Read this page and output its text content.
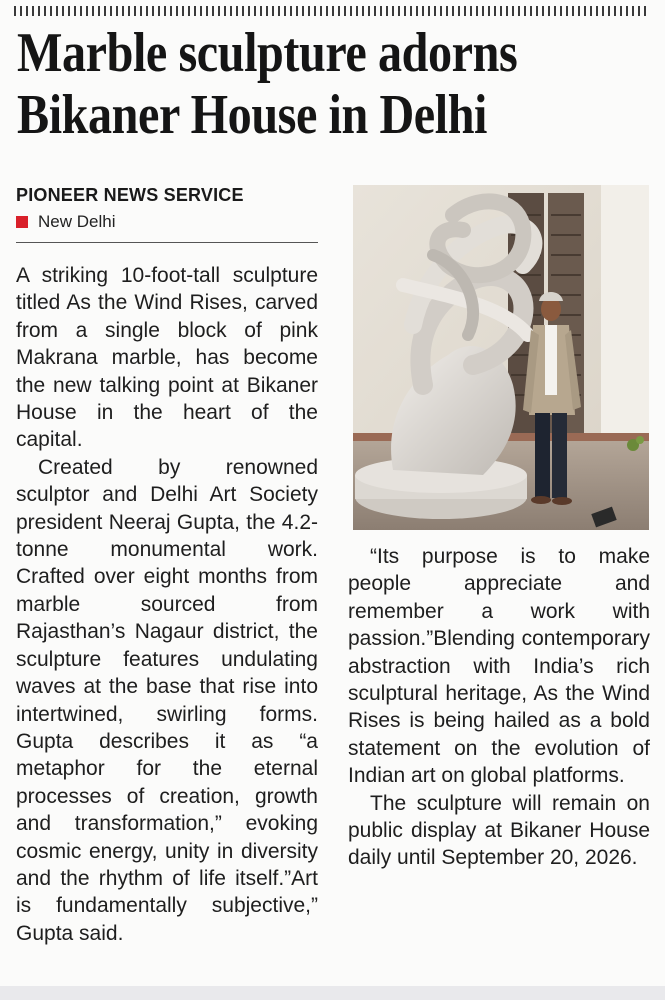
Marble sculpture adorns
Bikaner House in Delhi
PIONEER NEWS SERVICE
New Delhi

A striking 10-foot-tall sculpture titled As the Wind Rises, carved from a single block of pink Makrana marble, has become the new talking point at Bikaner House in the heart of the capital.

Created by renowned sculptor and Delhi Art Society president Neeraj Gupta, the 4.2-tonne monumental work. Crafted over eight months from marble sourced from Rajasthan’s Nagaur district, the sculpture features undulating waves at the base that rise into intertwined, swirling forms. Gupta describes it as “a metaphor for the eternal processes of creation, growth and transformation,” evoking cosmic energy, unity in diversity and the rhythm of life itself.”Art is fundamentally subjective,” Gupta said.

“Its purpose is to make people appreciate and remember a work with passion.”Blending contemporary abstraction with India’s rich sculptural heritage, As the Wind Rises is being hailed as a bold statement on the evolution of Indian art on global platforms.

The sculpture will remain on public display at Bikaner House daily until September 20, 2026.
